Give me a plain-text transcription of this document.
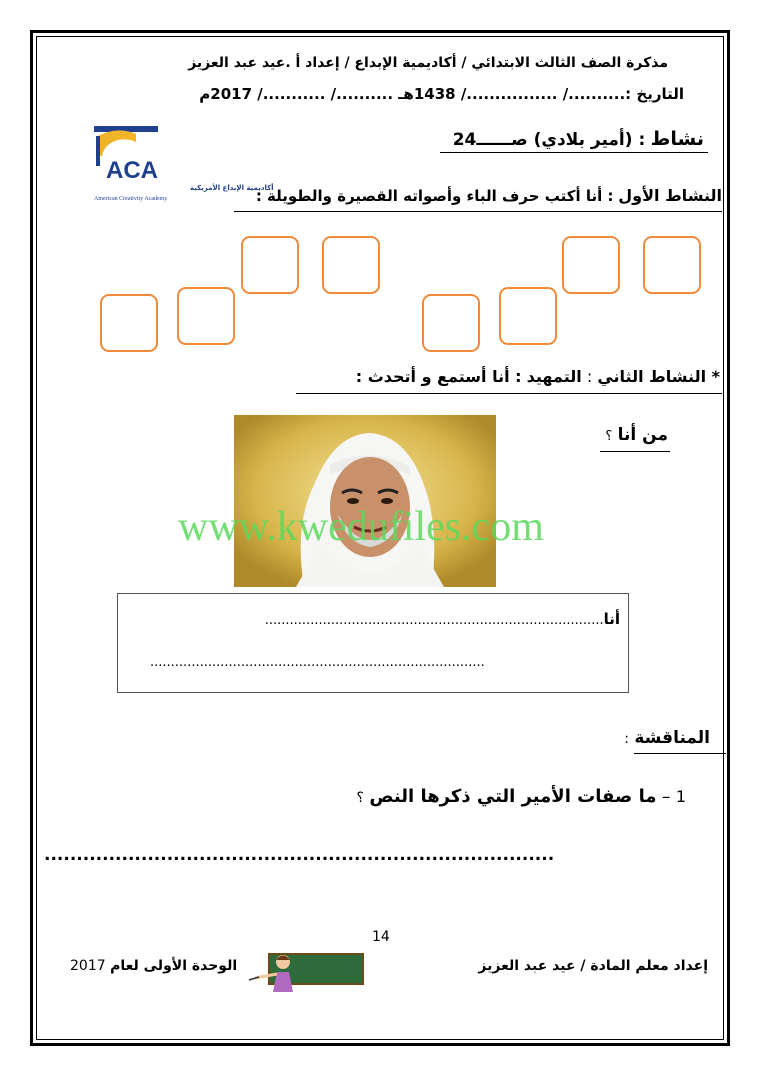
مذكرة الصف الثالث الابتدائي / أكاديمية الإبداع / إعداد أ .عيد عبد العزيز
التاريخ :........../ ................/ 1438هـ ........../ .........../ 2017م
ACA
أكاديمية الإبداع الأمريكية
American Creativity Academy
نشاط : (أمير بلادي) صــــــ24
النشاط الأول : أنا أكتب حرف الباء وأصواته القصيرة والطويلة :
* النشاط الثاني : التمهيد : أنا أستمع و أتحدث :
من أنا ؟
www.kwedufiles.com
أنا..................................................................................
.................................................................................
المناقشة :
1 – ما صفات الأمير التي ذكرها النص ؟
...............................................................................
14
إعداد معلم المادة / عيد عبد العزيز
الوحدة الأولى لعام 2017
